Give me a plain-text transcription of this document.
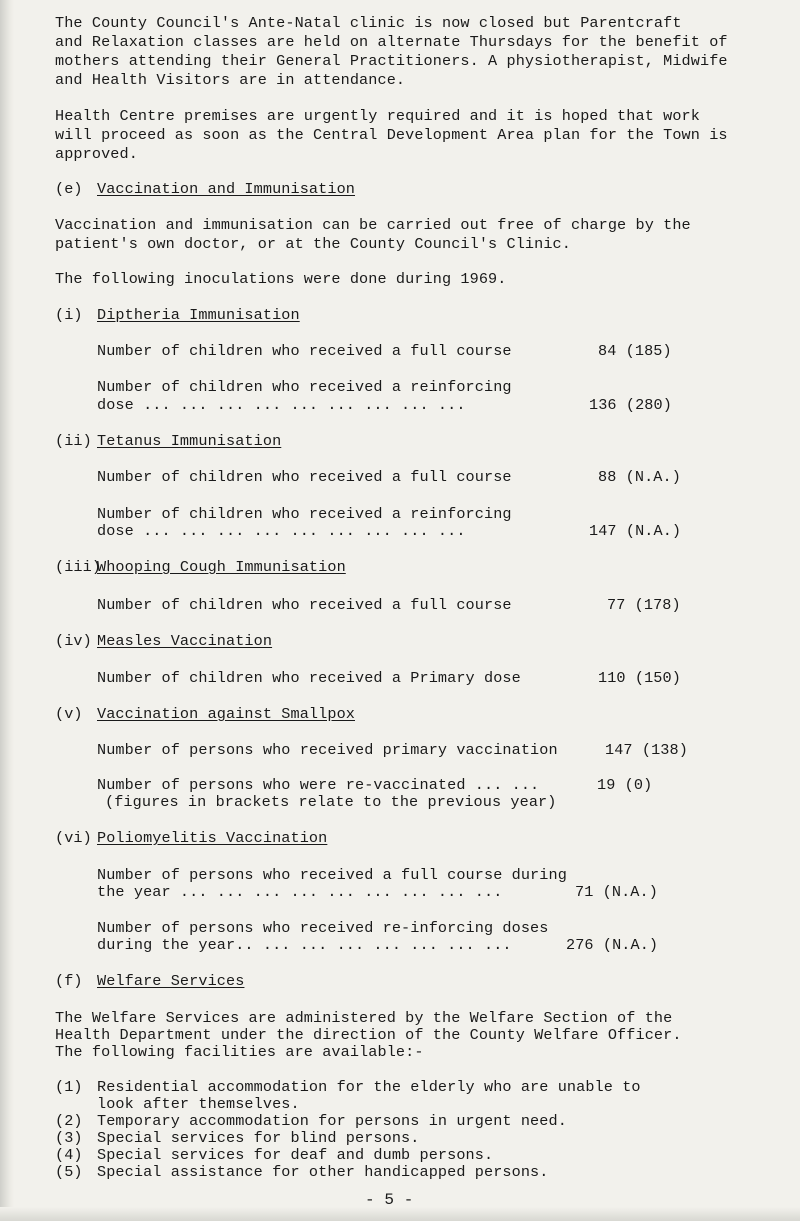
The County Council's Ante-Natal clinic is now closed but Parentcraft
and Relaxation classes are held on alternate Thursdays for the benefit of
mothers attending their General Practitioners. A physiotherapist, Midwife
and Health Visitors are in attendance.
Health Centre premises are urgently required and it is hoped that work
will proceed as soon as the Central Development Area plan for the Town is
approved.
(e) Vaccination and Immunisation
Vaccination and immunisation can be carried out free of charge by the
patient's own doctor, or at the County Council's Clinic.
The following inoculations were done during 1969.
(i) Diptheria Immunisation
Number of children who received a full course	84 (185)
Number of children who received a reinforcing
dose ... ... ... ... ... ... ... ... ...	136 (280)
(ii) Tetanus Immunisation
Number of children who received a full course	88 (N.A.)
Number of children who received a reinforcing
dose ... ... ... ... ... ... ... ... ...	147 (N.A.)
(iii)
Whooping Cough Immunisation
Number of children who received a full course	77 (178)
(iv) Measles Vaccination
Number of children who received a Primary dose	110 (150)
(v) Vaccination against Smallpox
Number of persons who received primary vaccination	147 (138)
Number of persons who were re-vaccinated ... ...	19 (0)
(figures in brackets relate to the previous year)
(vi) Poliomyelitis Vaccination
Number of persons who received a full course during
the year ... ... ... ... ... ... ... ... ...	71 (N.A.)
Number of persons who received re-inforcing doses
during the year.. ... ... ... ... ... ... ...	276 (N.A.)
(f) Welfare Services
The Welfare Services are administered by the Welfare Section of the
Health Department under the direction of the County Welfare Officer.
The following facilities are available:-
(1) Residential accommodation for the elderly who are unable to
look after themselves.
(2) Temporary accommodation for persons in urgent need.
(3) Special services for blind persons.
(4) Special services for deaf and dumb persons.
(5) Special assistance for other handicapped persons.
- 5 -
